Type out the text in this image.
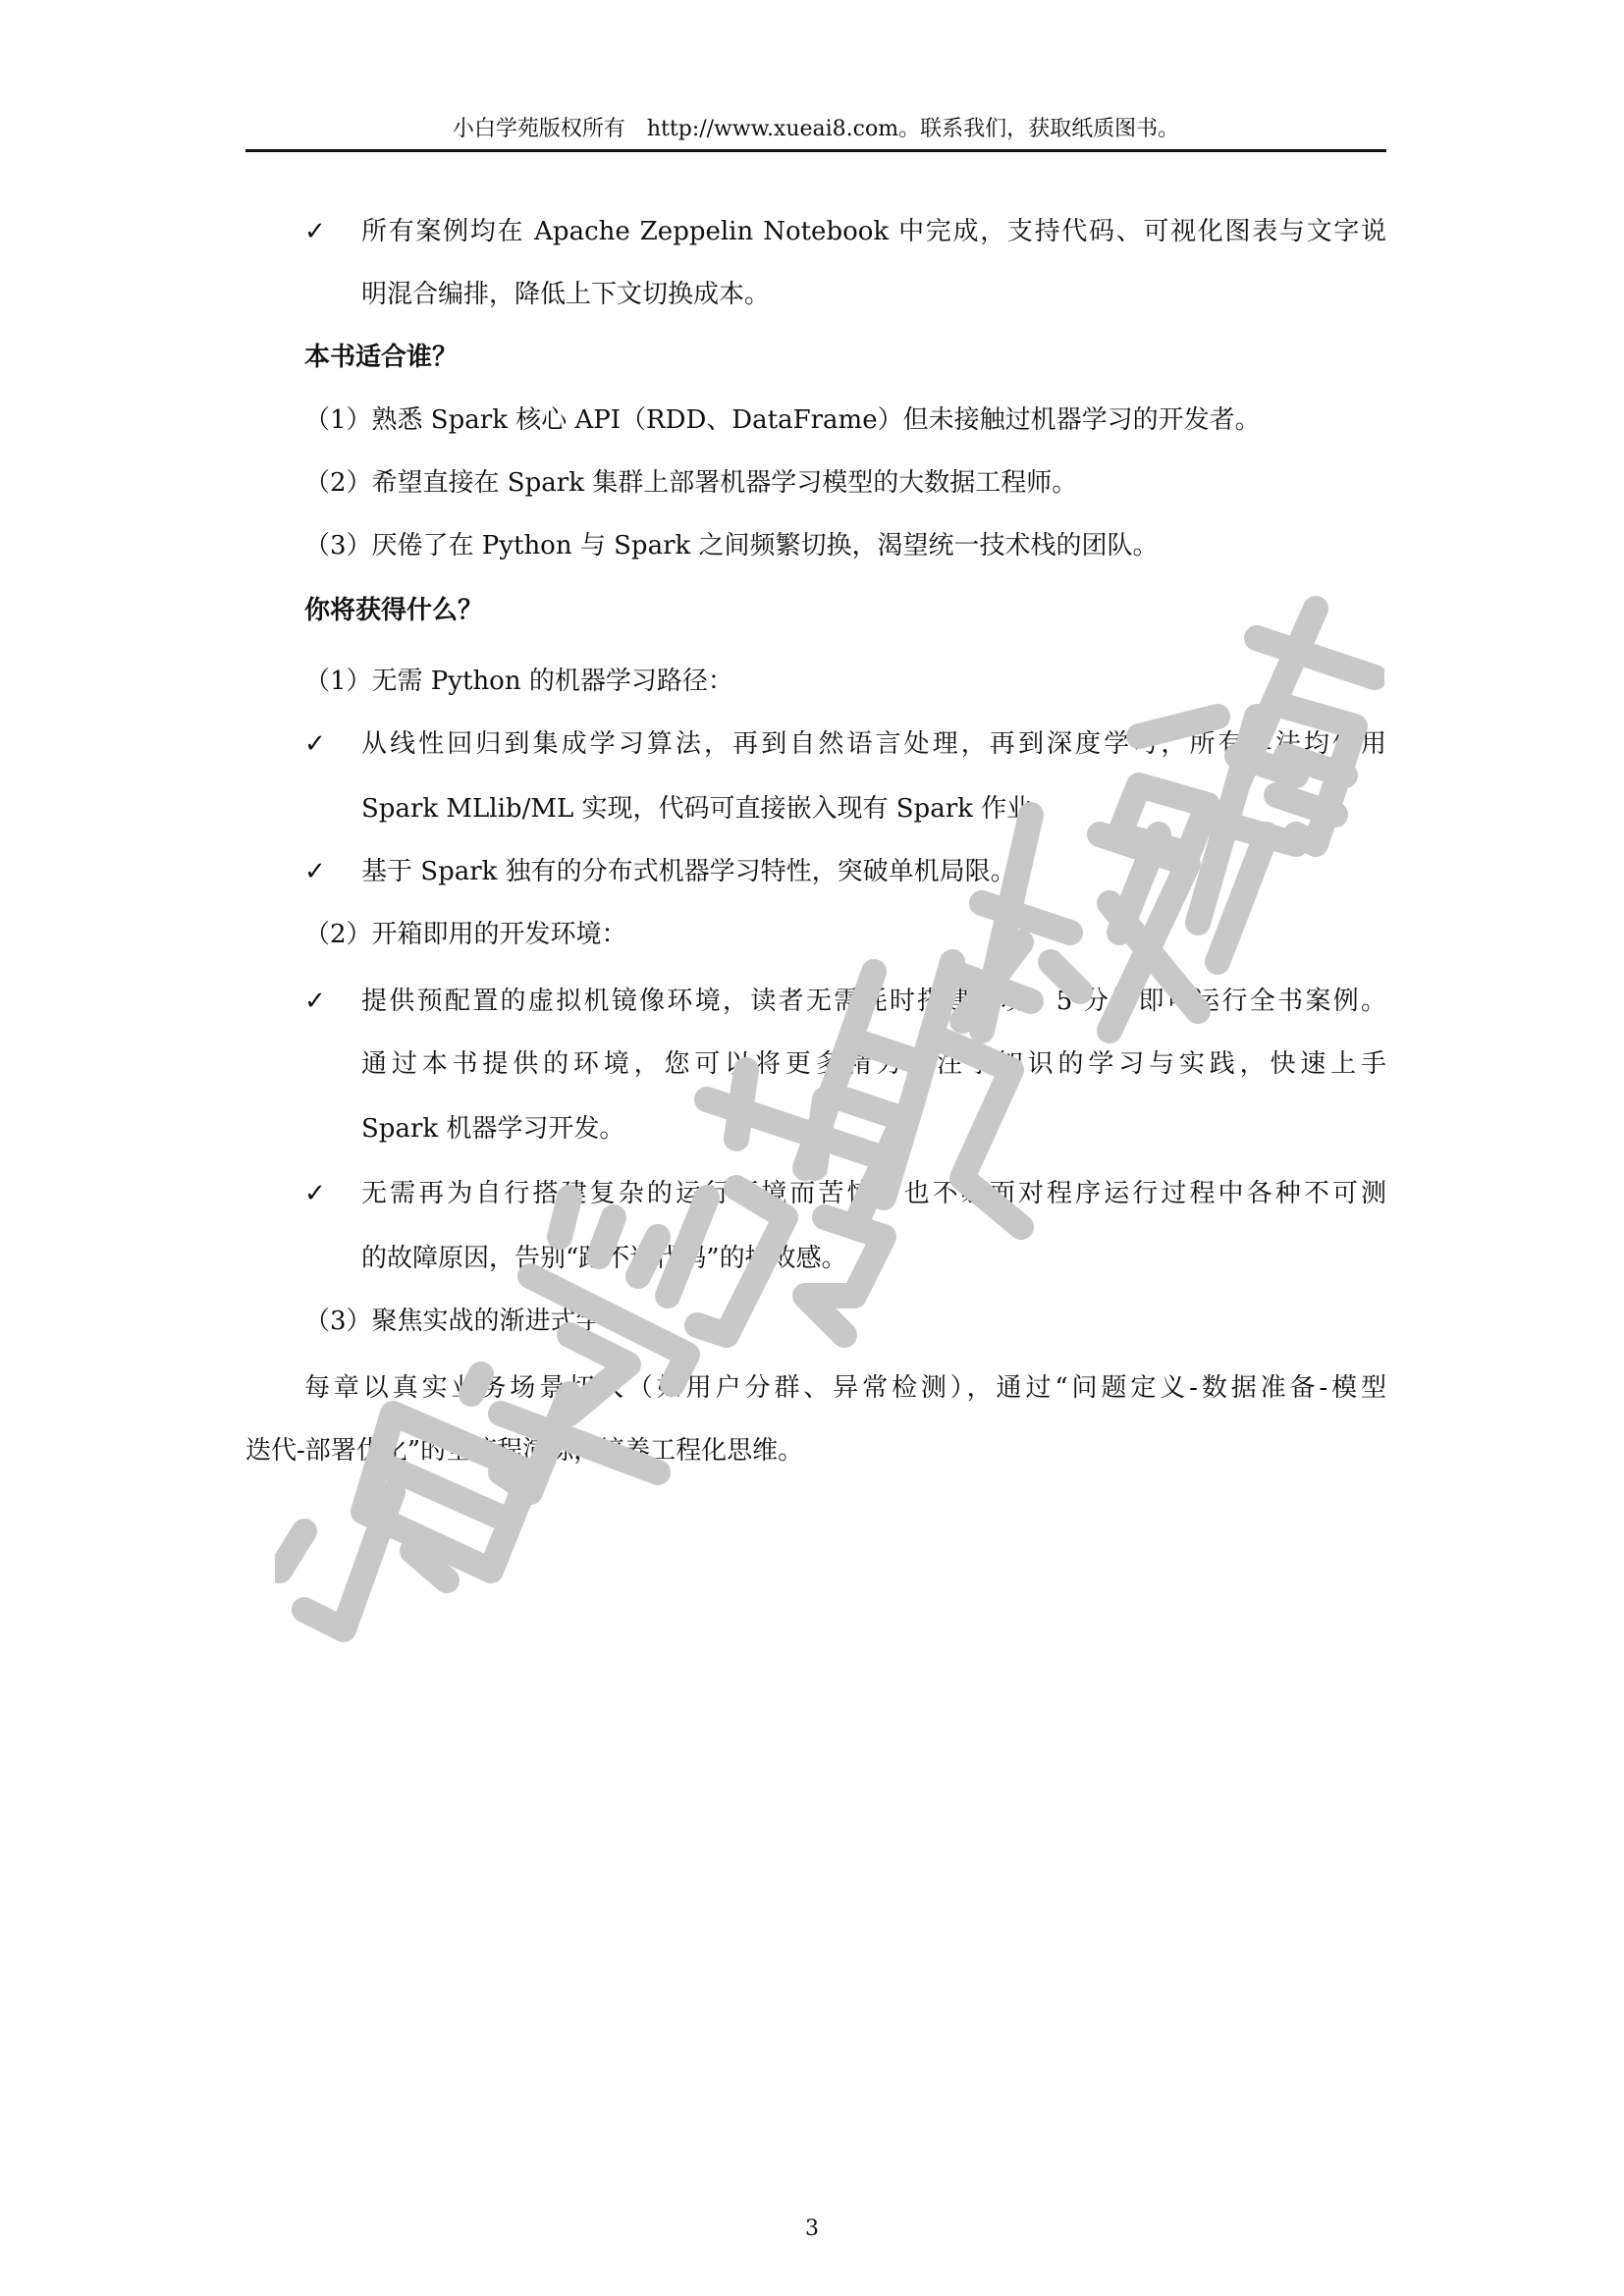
小白学苑版权所有　http://www.xueai8.com。联系我们，获取纸质图书。
✓ 所有案例均在 Apache Zeppelin Notebook 中完成，支持代码、可视化图表与文字说
明混合编排，降低上下文切换成本。
本书适合谁？
（1）熟悉 Spark 核心 API（RDD、DataFrame）但未接触过机器学习的开发者。
（2）希望直接在 Spark 集群上部署机器学习模型的大数据工程师。
（3）厌倦了在 Python 与 Spark 之间频繁切换，渴望统一技术栈的团队。
你将获得什么？
（1）无需 Python 的机器学习路径：
✓ 从线性回归到集成学习算法，再到自然语言处理，再到深度学习，所有算法均使用
Spark MLlib/ML 实现，代码可直接嵌入现有 Spark 作业。
✓ 基于 Spark 独有的分布式机器学习特性，突破单机局限。
（2）开箱即用的开发环境：
✓ 提供预配置的虚拟机镜像环境，读者无需耗时搭建环境，5 分钟即可运行全书案例。
通过本书提供的环境，您可以将更多精力专注于知识的学习与实践，快速上手
Spark 机器学习开发。
✓ 无需再为自行搭建复杂的运行环境而苦恼，也不必面对程序运行过程中各种不可测
的故障原因，告别“跑不通代码”的挫败感。
（3）聚焦实战的渐进式学习：
每章以真实业务场景切入（如用户分群、异常检测），通过“问题定义-数据准备-模型
迭代-部署优化”的全流程演练，培养工程化思维。
3
